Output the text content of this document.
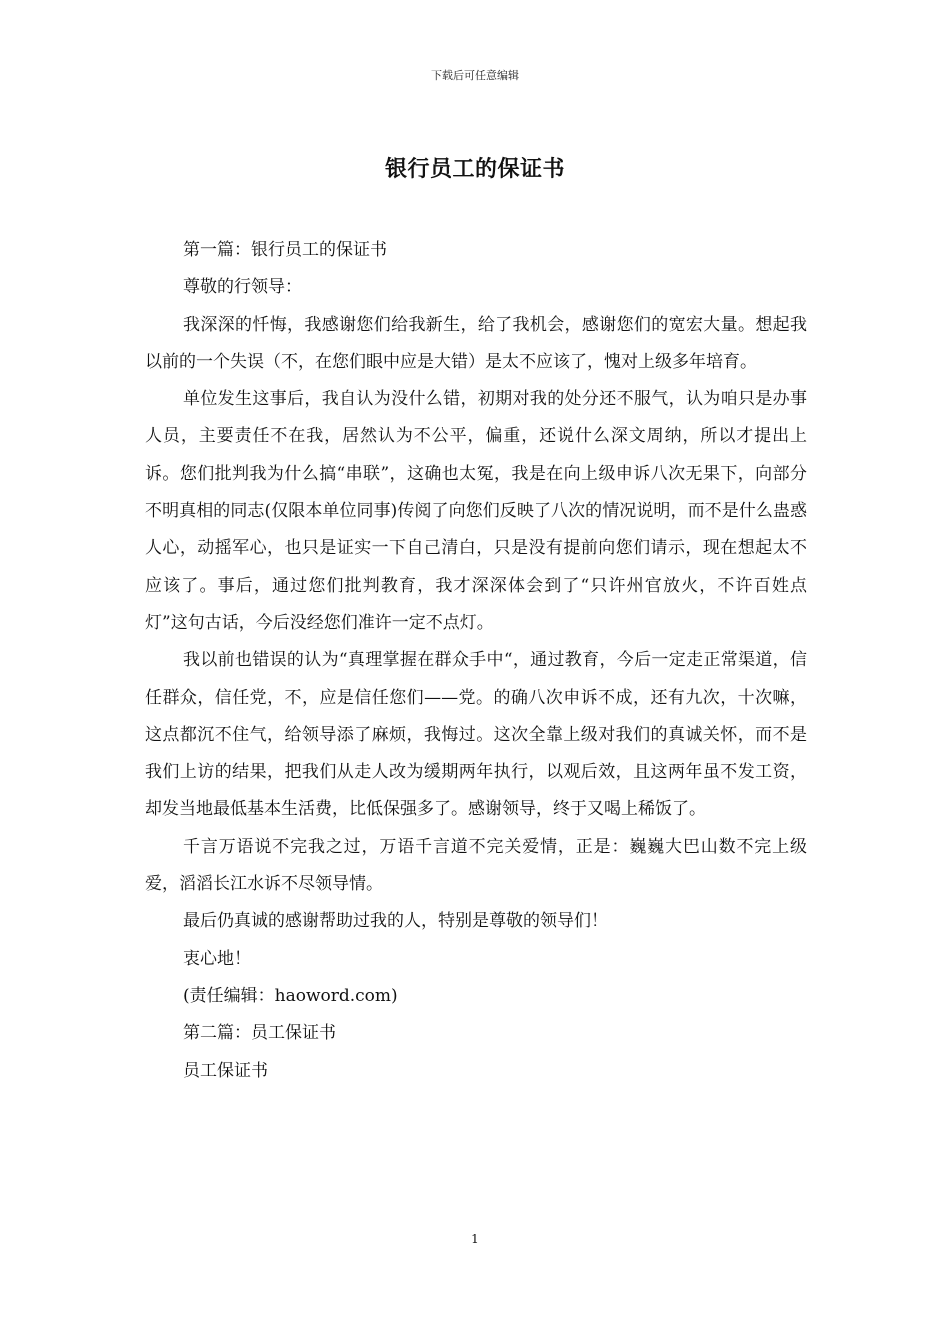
下载后可任意编辑
银行员工的保证书

第一篇：银行员工的保证书

尊敬的行领导：

我深深的忏悔，我感谢您们给我新生，给了我机会，感谢您们的宽宏大量。想起我以前的一个失误（不，在您们眼中应是大错）是太不应该了，愧对上级多年培育。

单位发生这事后，我自认为没什么错，初期对我的处分还不服气，认为咱只是办事人员，主要责任不在我，居然认为不公平，偏重，还说什么深文周纳，所以才提出上诉。您们批判我为什么搞“串联”，这确也太冤，我是在向上级申诉八次无果下，向部分不明真相的同志(仅限本单位同事)传阅了向您们反映了八次的情况说明，而不是什么蛊惑人心，动摇军心，也只是证实一下自己清白，只是没有提前向您们请示，现在想起太不应该了。事后，通过您们批判教育，我才深深体会到了“只许州官放火，不许百姓点灯”这句古话，今后没经您们准许一定不点灯。

我以前也错误的认为“真理掌握在群众手中“，通过教育，今后一定走正常渠道，信任群众，信任党，不，应是信任您们——党。的确八次申诉不成，还有九次，十次嘛，这点都沉不住气，给领导添了麻烦，我悔过。这次全靠上级对我们的真诚关怀，而不是我们上访的结果，把我们从走人改为缓期两年执行，以观后效，且这两年虽不发工资，却发当地最低基本生活费，比低保强多了。感谢领导，终于又喝上稀饭了。

千言万语说不完我之过，万语千言道不完关爱情，正是：巍巍大巴山数不完上级爱，滔滔长江水诉不尽领导情。

最后仍真诚的感谢帮助过我的人，特别是尊敬的领导们！

衷心地！

(责任编辑：haoword.com)

第二篇：员工保证书

员工保证书

1
